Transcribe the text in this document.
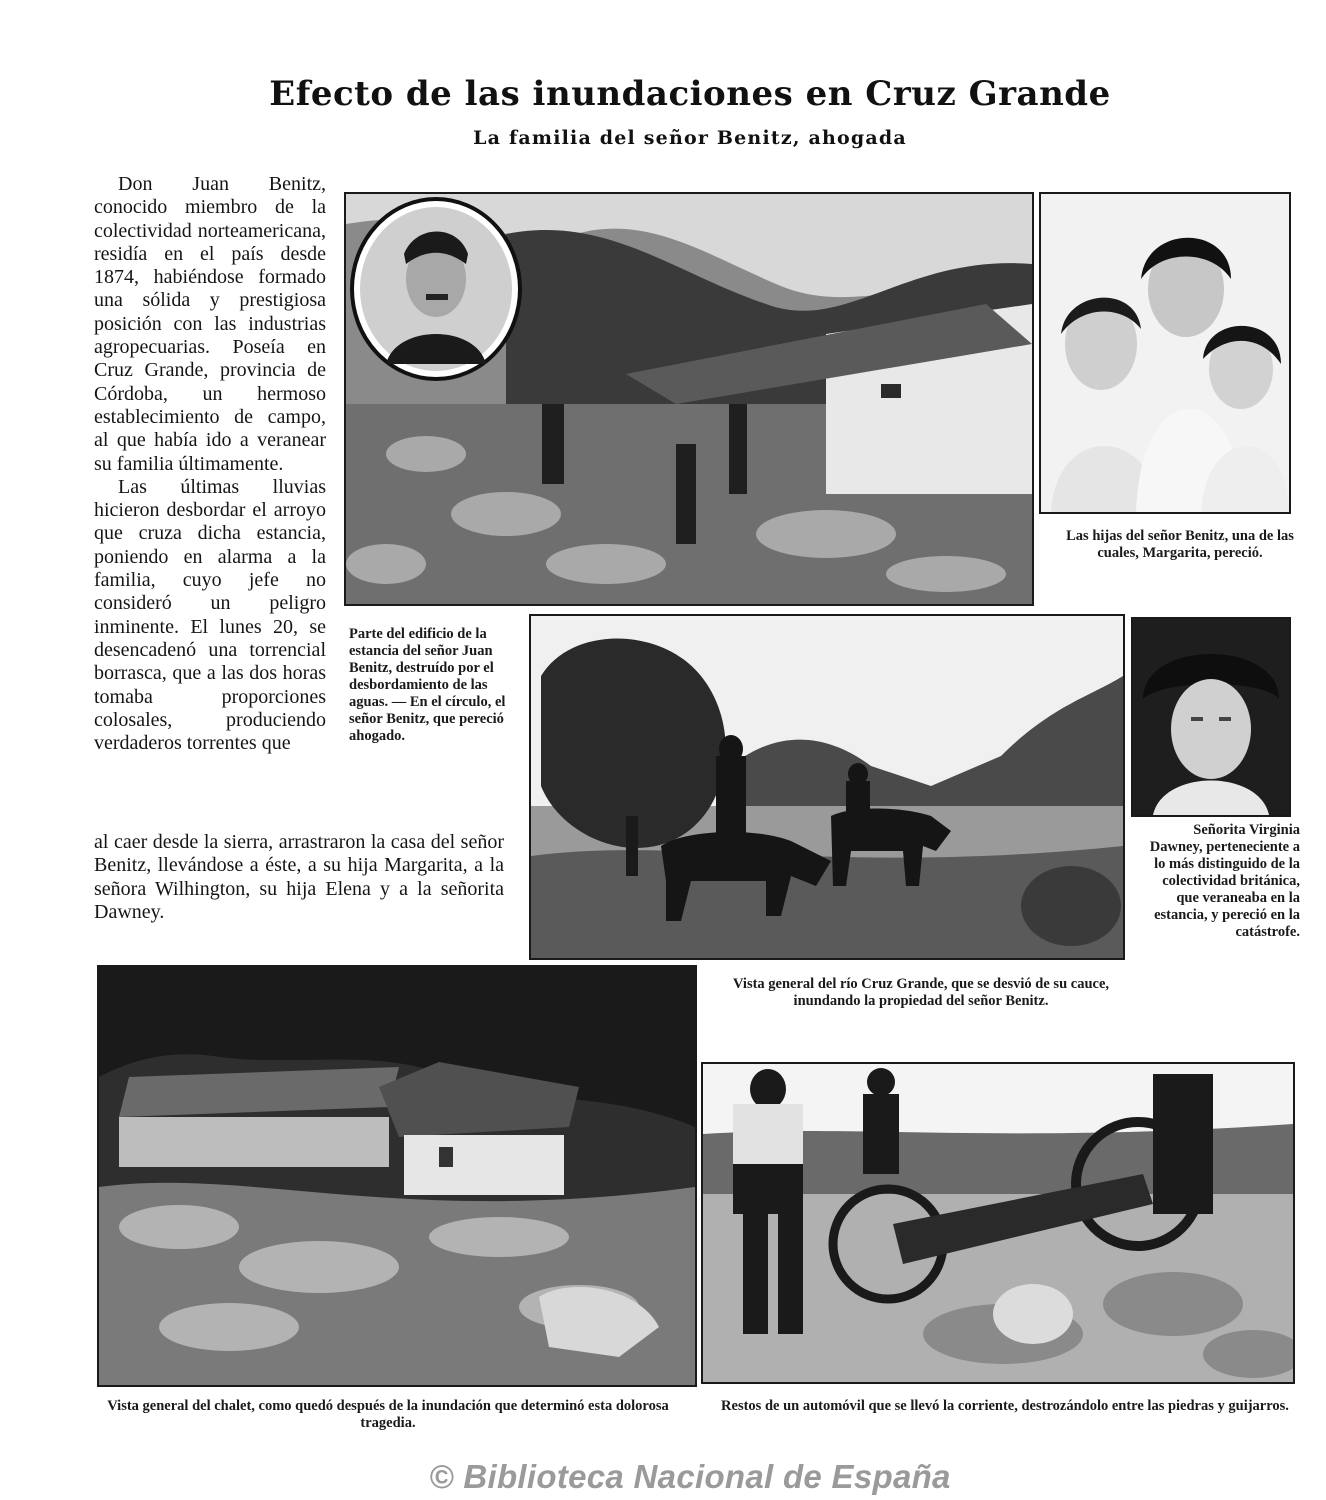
Efecto de las inundaciones en Cruz Grande
La familia del señor Benitz, ahogada

Don Juan Benitz, conocido miembro de la colectividad norteamericana, residía en el país desde 1874, habiéndose formado una sólida y prestigiosa posición con las industrias agropecuarias. Poseía en Cruz Grande, provincia de Córdoba, un hermoso establecimiento de campo, al que había ido a veranear su familia últimamente.

Las últimas lluvias hicieron desbordar el arroyo que cruza dicha estancia, poniendo en alarma a la familia, cuyo jefe no consideró un peligro inminente. El lunes 20, se desencadenó una torrencial borrasca, que a las dos horas tomaba proporciones colosales, produciendo verdaderos torrentes que

al caer desde la sierra, arrastraron la casa del señor Benitz, llevándose a éste, a su hija Margarita, a la señora Wilhington, su hija Elena y a la señorita Dawney.
Las hijas del señor Benitz, una de las cuales, Margarita, pereció.
Parte del edificio de la estancia del señor Juan Benitz, destruído por el desbordamiento de las aguas. — En el círculo, el señor Benitz, que pereció ahogado.
Vista general del río Cruz Grande, que se desvió de su cauce, inundando la propiedad del señor Benitz.
Señorita Virginia Dawney, perteneciente a lo más distinguido de la colectividad británica, que veraneaba en la estancia, y pereció en la catástrofe.
Vista general del chalet, como quedó después de la inundación que determinó esta dolorosa tragedia.
Restos de un automóvil que se llevó la corriente, destrozándolo entre las piedras y guijarros.
© Biblioteca Nacional de España
